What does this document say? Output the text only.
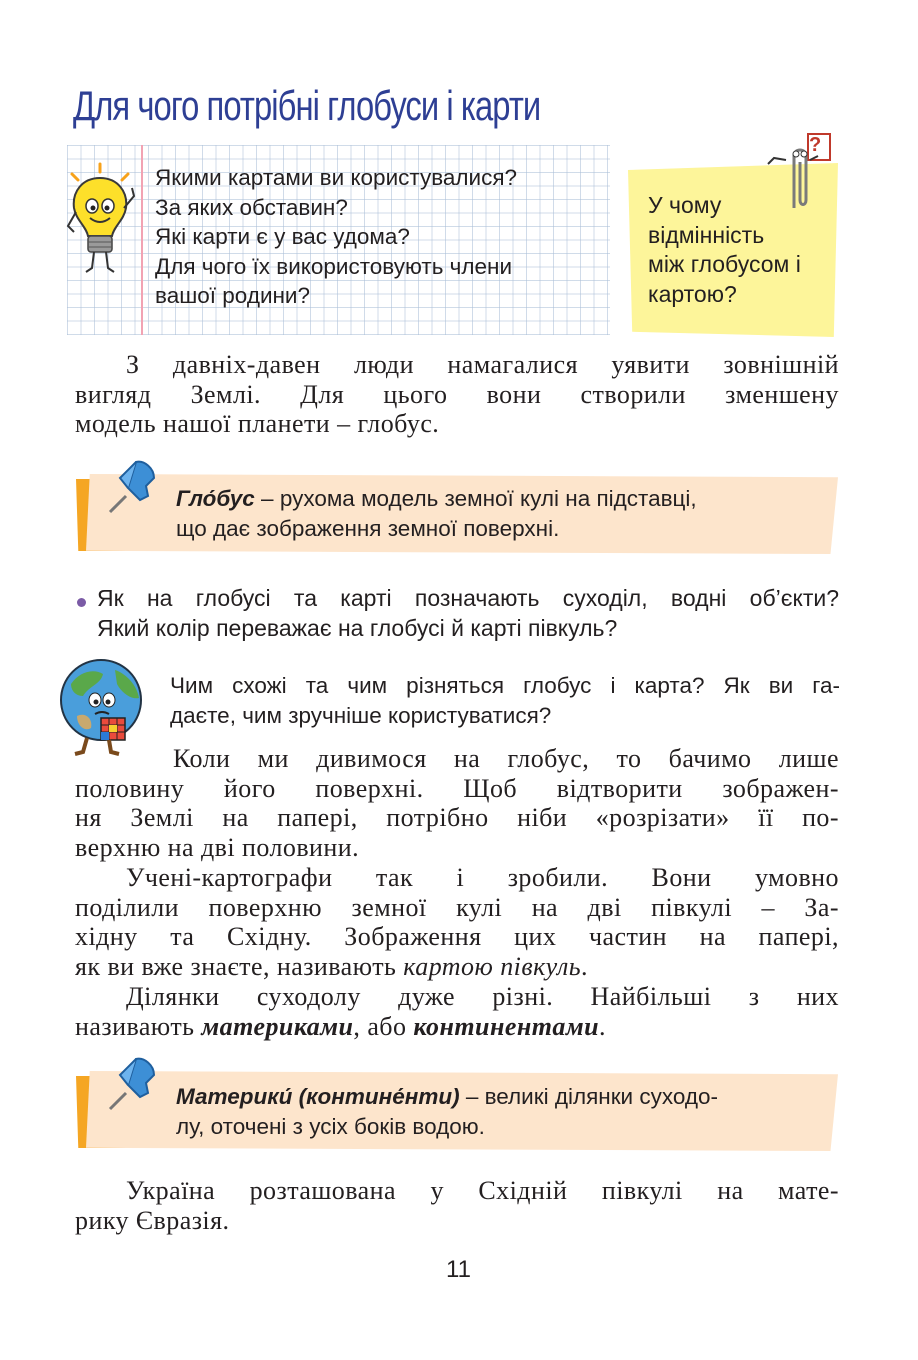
Для чого потрібні глобуси і карти
Якими картами ви користувалися?
За яких обставин?
Які карти є у вас удома?
Для чого їх використовують члени
вашої родини?
?
У чому
відмінність
між глобусом і
картою?
З давніх-давен люди намагалися уявити зовнішній
вигляд Землі. Для цього вони створили зменшену
модель нашої планети – глобус.
Гло́бус – рухома модель земної кулі на підставці,
що дає зображення земної поверхні.
Як на глобусі та карті позначають суходіл, водні об’єкти?
Який колір переважає на глобусі й карті півкуль?
Чим схожі та чим різняться глобус і карта? Як ви га-
даєте, чим зручніше користуватися?
Коли ми дивимося на глобус, то бачимо лише
половину його поверхні. Щоб відтворити зображен-
ня Землі на папері, потрібно ніби «розрізати» її по-
верхню на дві половини.
Учені-картографи так і зробили. Вони умовно
поділили поверхню земної кулі на дві півкулі – За-
хідну та Східну. Зображення цих частин на папері,
як ви вже знаєте, називають картою півкуль.
Ділянки суходолу дуже різні. Найбільші з них
називають материками, або континентами.
Материки́ (контине́нти) – великі ділянки суходо-
лу, оточені з усіх боків водою.
Україна розташована у Східній півкулі на мате-
рику Євразія.
11
